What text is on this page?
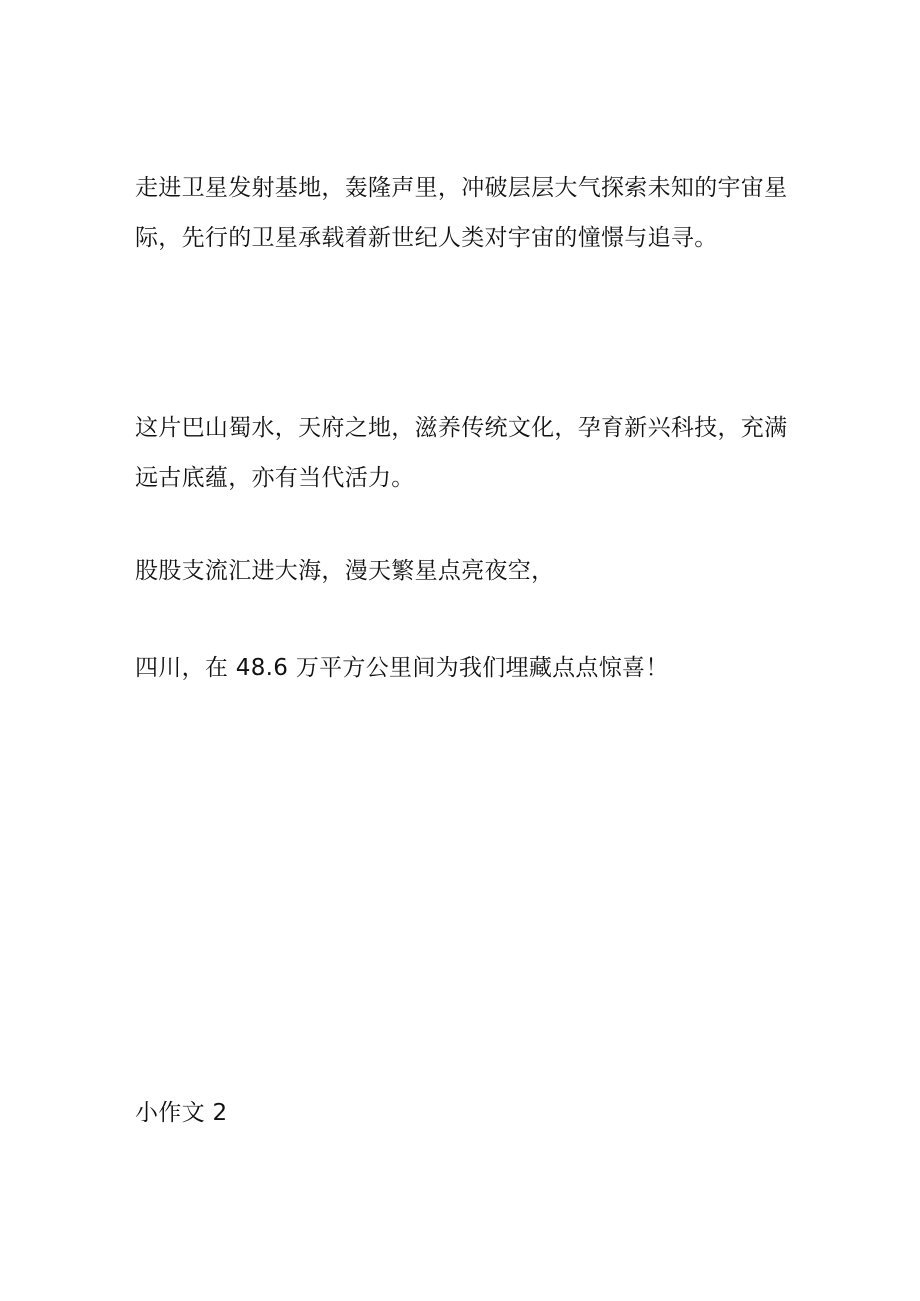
走进卫星发射基地，轰隆声里，冲破层层大气探索未知的宇宙星际，先行的卫星承载着新世纪人类对宇宙的憧憬与追寻。

这片巴山蜀水，天府之地，滋养传统文化，孕育新兴科技，充满远古底蕴，亦有当代活力。

股股支流汇进大海，漫天繁星点亮夜空，

四川，在 48.6 万平方公里间为我们埋藏点点惊喜！

小作文 2
